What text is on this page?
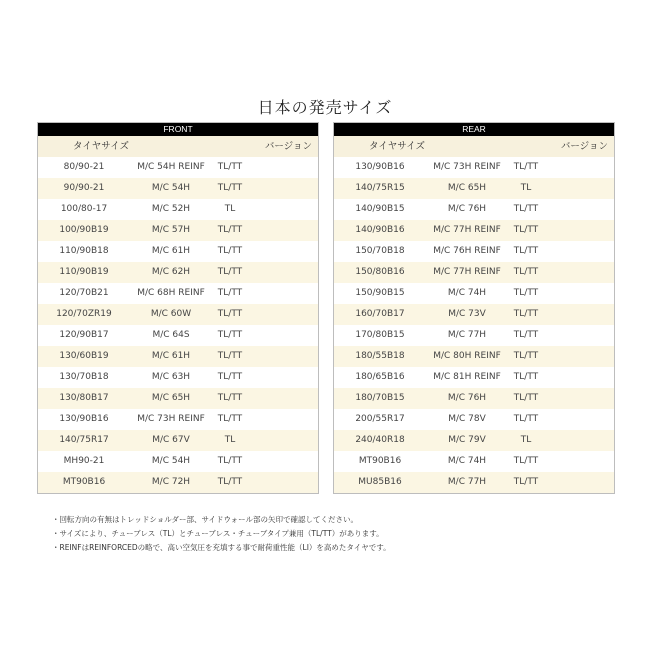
日本の発売サイズ
FRONT
タイヤサイズ	バージョン
80/90-21	M/C 54H REINF	TL/TT
90/90-21	M/C 54H	TL/TT
100/80-17	M/C 52H	TL
100/90B19	M/C 57H	TL/TT
110/90B18	M/C 61H	TL/TT
110/90B19	M/C 62H	TL/TT
120/70B21	M/C 68H REINF	TL/TT
120/70ZR19	M/C 60W	TL/TT
120/90B17	M/C 64S	TL/TT
130/60B19	M/C 61H	TL/TT
130/70B18	M/C 63H	TL/TT
130/80B17	M/C 65H	TL/TT
130/90B16	M/C 73H REINF	TL/TT
140/75R17	M/C 67V	TL
MH90-21	M/C 54H	TL/TT
MT90B16	M/C 72H	TL/TT
REAR
タイヤサイズ	バージョン
130/90B16	M/C 73H REINF	TL/TT
140/75R15	M/C 65H	TL
140/90B15	M/C 76H	TL/TT
140/90B16	M/C 77H REINF	TL/TT
150/70B18	M/C 76H REINF	TL/TT
150/80B16	M/C 77H REINF	TL/TT
150/90B15	M/C 74H	TL/TT
160/70B17	M/C 73V	TL/TT
170/80B15	M/C 77H	TL/TT
180/55B18	M/C 80H REINF	TL/TT
180/65B16	M/C 81H REINF	TL/TT
180/70B15	M/C 76H	TL/TT
200/55R17	M/C 78V	TL/TT
240/40R18	M/C 79V	TL
MT90B16	M/C 74H	TL/TT
MU85B16	M/C 77H	TL/TT
・回転方向の有無はトレッドショルダー部、サイドウォール部の矢印で確認してください。
・サイズにより、チューブレス（TL）とチューブレス・チューブタイプ兼用（TL/TT）があります。
・REINFはREINFORCEDの略で、高い空気圧を充填する事で耐荷重性能（LI）を高めたタイヤです。
